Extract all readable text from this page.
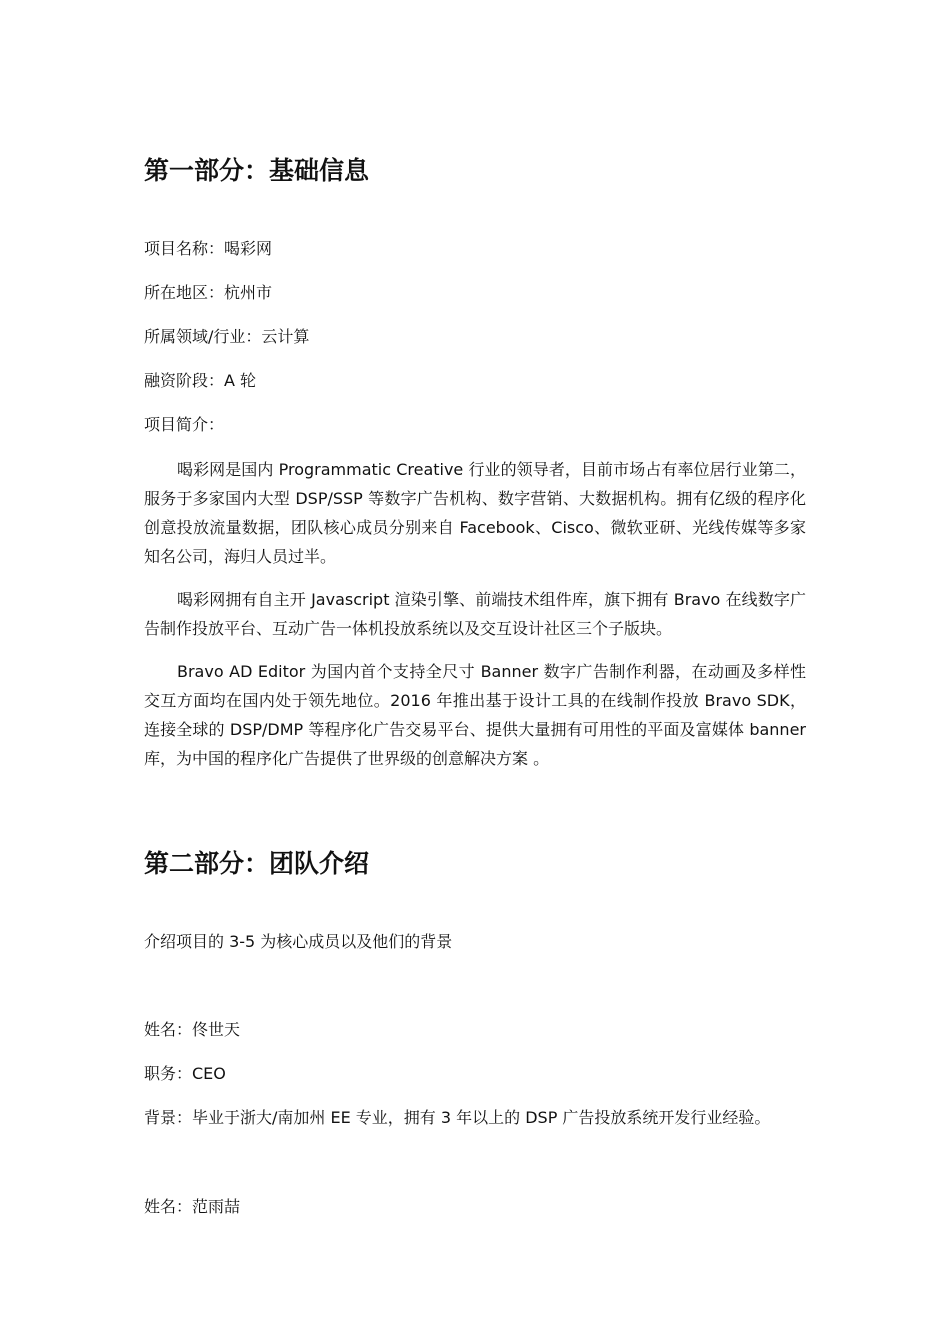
第一部分：基础信息

项目名称：喝彩网

所在地区：杭州市

所属领域/行业：云计算

融资阶段：A 轮

项目简介：

喝彩网是国内 Programmatic Creative 行业的领导者，目前市场占有率位居行业第二，服务于多家国内大型 DSP/SSP 等数字广告机构、数字营销、大数据机构。拥有亿级的程序化创意投放流量数据，团队核心成员分别来自 Facebook、Cisco、微软亚研、光线传媒等多家知名公司，海归人员过半。

喝彩网拥有自主开 Javascript 渲染引擎、前端技术组件库，旗下拥有 Bravo 在线数字广告制作投放平台、互动广告一体机投放系统以及交互设计社区三个子版块。

Bravo AD Editor 为国内首个支持全尺寸 Banner 数字广告制作利器，在动画及多样性交互方面均在国内处于领先地位。2016 年推出基于设计工具的在线制作投放 Bravo SDK，连接全球的 DSP/DMP 等程序化广告交易平台、提供大量拥有可用性的平面及富媒体 banner 库，为中国的程序化广告提供了世界级的创意解决方案 。

第二部分：团队介绍

介绍项目的 3-5 为核心成员以及他们的背景

姓名：佟世天

职务：CEO

背景：毕业于浙大/南加州 EE 专业，拥有 3 年以上的 DSP 广告投放系统开发行业经验。

姓名：范雨喆
